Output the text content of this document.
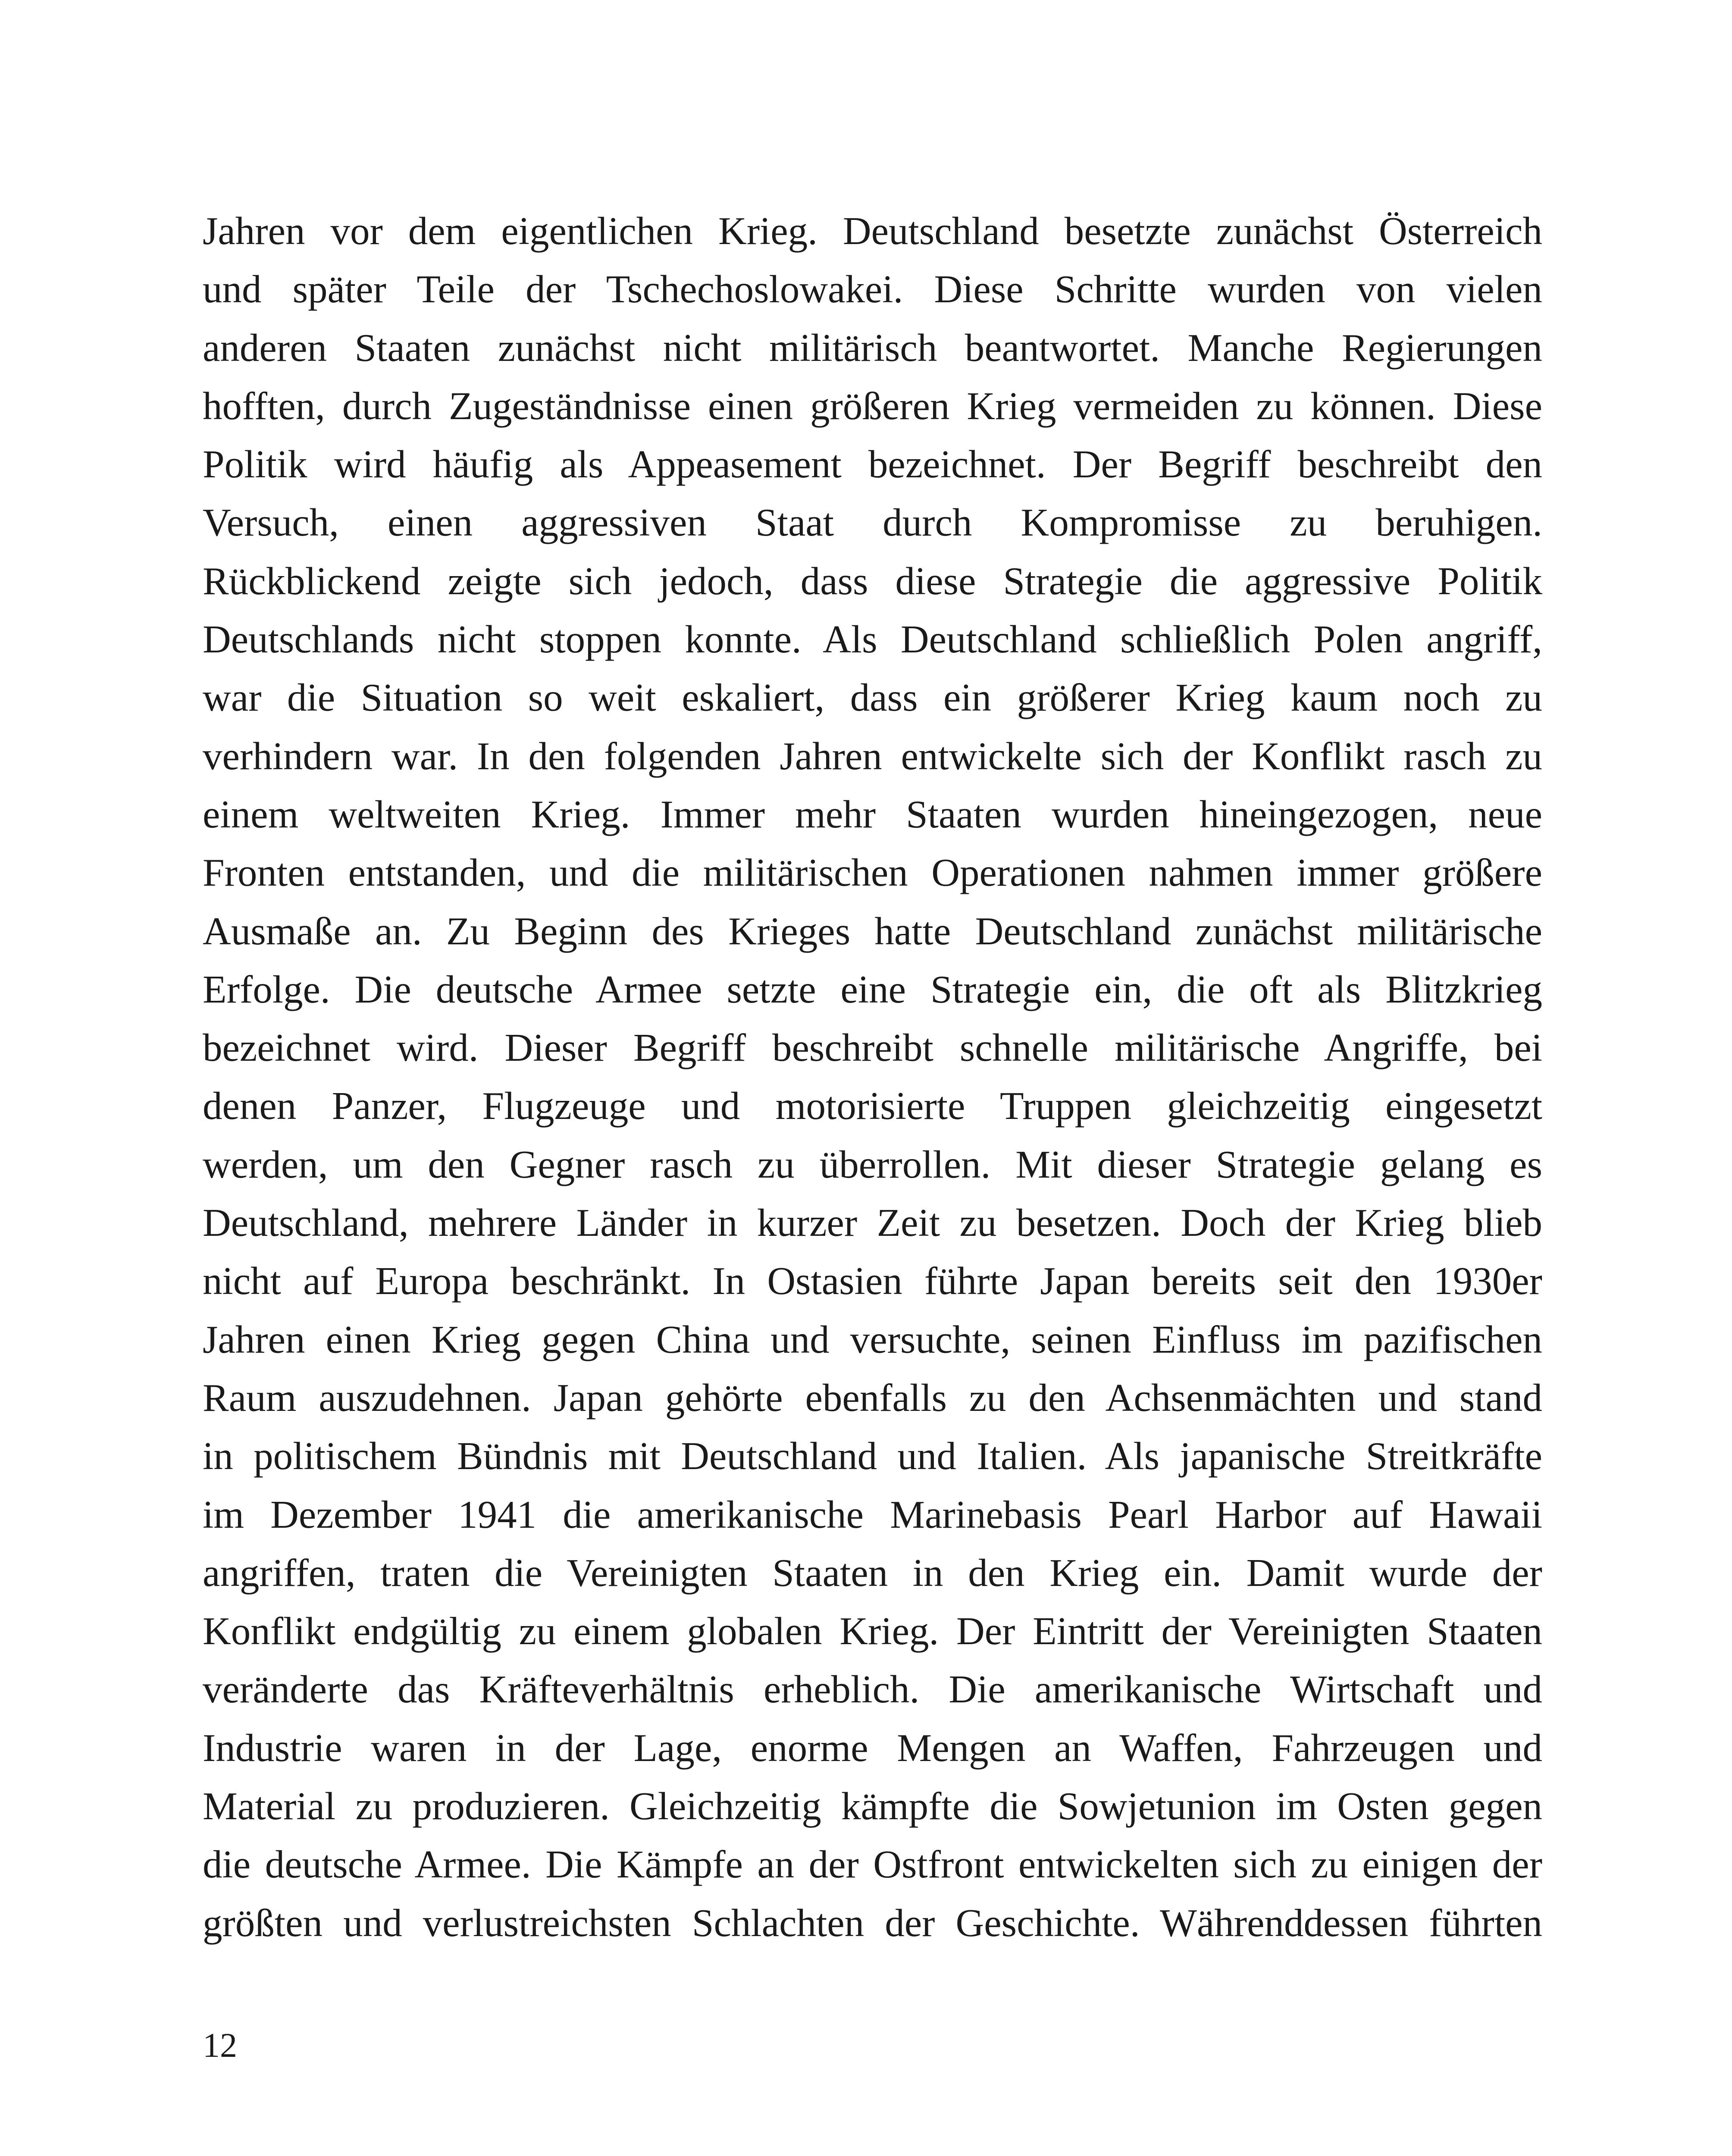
Jahren vor dem eigentlichen Krieg. Deutschland besetzte zunächst Österreich
und später Teile der Tschechoslowakei. Diese Schritte wurden von vielen
anderen Staaten zunächst nicht militärisch beantwortet. Manche Regierungen
hofften, durch Zugeständnisse einen größeren Krieg vermeiden zu können. Diese
Politik wird häufig als Appeasement bezeichnet. Der Begriff beschreibt den
Versuch, einen aggressiven Staat durch Kompromisse zu beruhigen.
Rückblickend zeigte sich jedoch, dass diese Strategie die aggressive Politik
Deutschlands nicht stoppen konnte. Als Deutschland schließlich Polen angriff,
war die Situation so weit eskaliert, dass ein größerer Krieg kaum noch zu
verhindern war. In den folgenden Jahren entwickelte sich der Konflikt rasch zu
einem weltweiten Krieg. Immer mehr Staaten wurden hineingezogen, neue
Fronten entstanden, und die militärischen Operationen nahmen immer größere
Ausmaße an. Zu Beginn des Krieges hatte Deutschland zunächst militärische
Erfolge. Die deutsche Armee setzte eine Strategie ein, die oft als Blitzkrieg
bezeichnet wird. Dieser Begriff beschreibt schnelle militärische Angriffe, bei
denen Panzer, Flugzeuge und motorisierte Truppen gleichzeitig eingesetzt
werden, um den Gegner rasch zu überrollen. Mit dieser Strategie gelang es
Deutschland, mehrere Länder in kurzer Zeit zu besetzen. Doch der Krieg blieb
nicht auf Europa beschränkt. In Ostasien führte Japan bereits seit den 1930er
Jahren einen Krieg gegen China und versuchte, seinen Einfluss im pazifischen
Raum auszudehnen. Japan gehörte ebenfalls zu den Achsenmächten und stand
in politischem Bündnis mit Deutschland und Italien. Als japanische Streitkräfte
im Dezember 1941 die amerikanische Marinebasis Pearl Harbor auf Hawaii
angriffen, traten die Vereinigten Staaten in den Krieg ein. Damit wurde der
Konflikt endgültig zu einem globalen Krieg. Der Eintritt der Vereinigten Staaten
veränderte das Kräfteverhältnis erheblich. Die amerikanische Wirtschaft und
Industrie waren in der Lage, enorme Mengen an Waffen, Fahrzeugen und
Material zu produzieren. Gleichzeitig kämpfte die Sowjetunion im Osten gegen
die deutsche Armee. Die Kämpfe an der Ostfront entwickelten sich zu einigen der
größten und verlustreichsten Schlachten der Geschichte. Währenddessen führten
12
